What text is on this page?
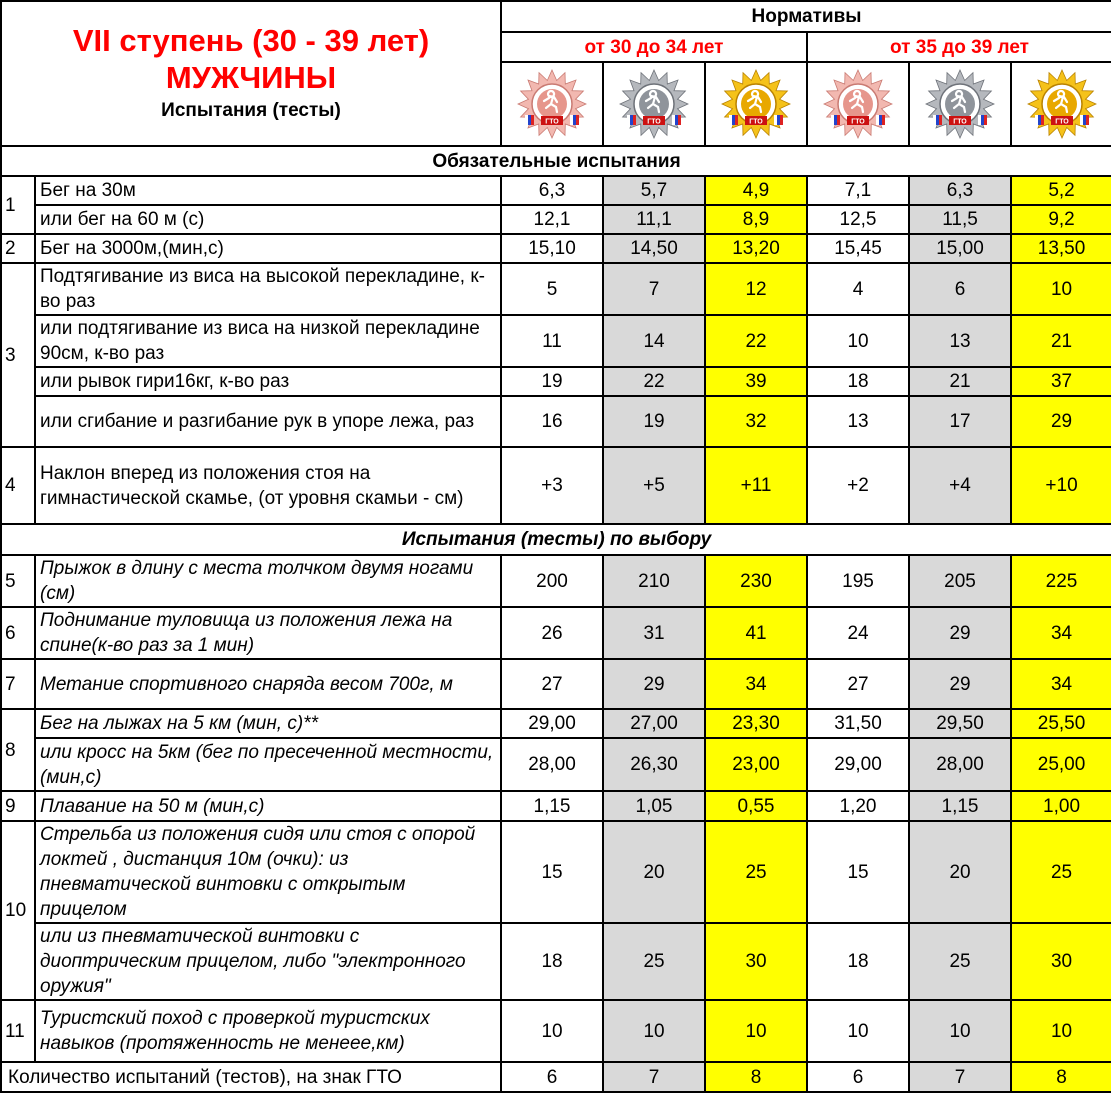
VII ступень (30 - 39 лет)
МУЖЧИНЫ
Испытания (тесты)		Нормативы					
		от 30 до 34 лет			от 35 до 39 лет		

ГТО	ГТО	ГТО	ГТО	ГТО	ГТО

Обязательные испытания							
1	Бег на 30м	6,3	5,7	4,9	7,1	6,3	5,2
	или бег на 60 м (с)	12,1	11,1	8,9	12,5	11,5	9,2
2	Бег на 3000м,(мин,с)	15,10	14,50	13,20	15,45	15,00	13,50
3	Подтягивание из виса на высокой перекладине, к-во раз	5	7	12	4	6	10
	или подтягивание из виса на низкой перекладине 90см, к-во раз	11	14	22	10	13	21
	или рывок гири16кг, к-во раз	19	22	39	18	21	37
	или сгибание и разгибание рук в упоре лежа, раз	16	19	32	13	17	29
4	Наклон вперед из положения стоя на гимнастической скамье, (от уровня скамьи - см)	+3	+5	+11	+2	+4	+10
Испытания (тесты) по выбору							
5	Прыжок в длину с места толчком двумя ногами (см)	200	210	230	195	205	225
6	Поднимание туловища из положения лежа на спине(к-во раз за 1 мин)	26	31	41	24	29	34
7	Метание спортивного снаряда весом 700г, м	27	29	34	27	29	34
8	Бег на лыжах на 5 км (мин, с)**	29,00	27,00	23,30	31,50	29,50	25,50
	или кросс на 5км (бег по пресеченной местности, (мин,с)	28,00	26,30	23,00	29,00	28,00	25,00
9	Плавание на 50 м (мин,с)	1,15	1,05	0,55	1,20	1,15	1,00
10	Стрельба из положения сидя или стоя с опорой локтей , дистанция 10м (очки): из пневматической винтовки с открытым прицелом	15	20	25	15	20	25
	или из пневматической винтовки с диоптрическим прицелом, либо "электронного оружия"	18	25	30	18	25	30
11	Туристский поход с проверкой туристских навыков (протяженность не менеее,км)	10	10	10	10	10	10
Количество испытаний (тестов), на знак ГТО		6	7	8	6	7	8
